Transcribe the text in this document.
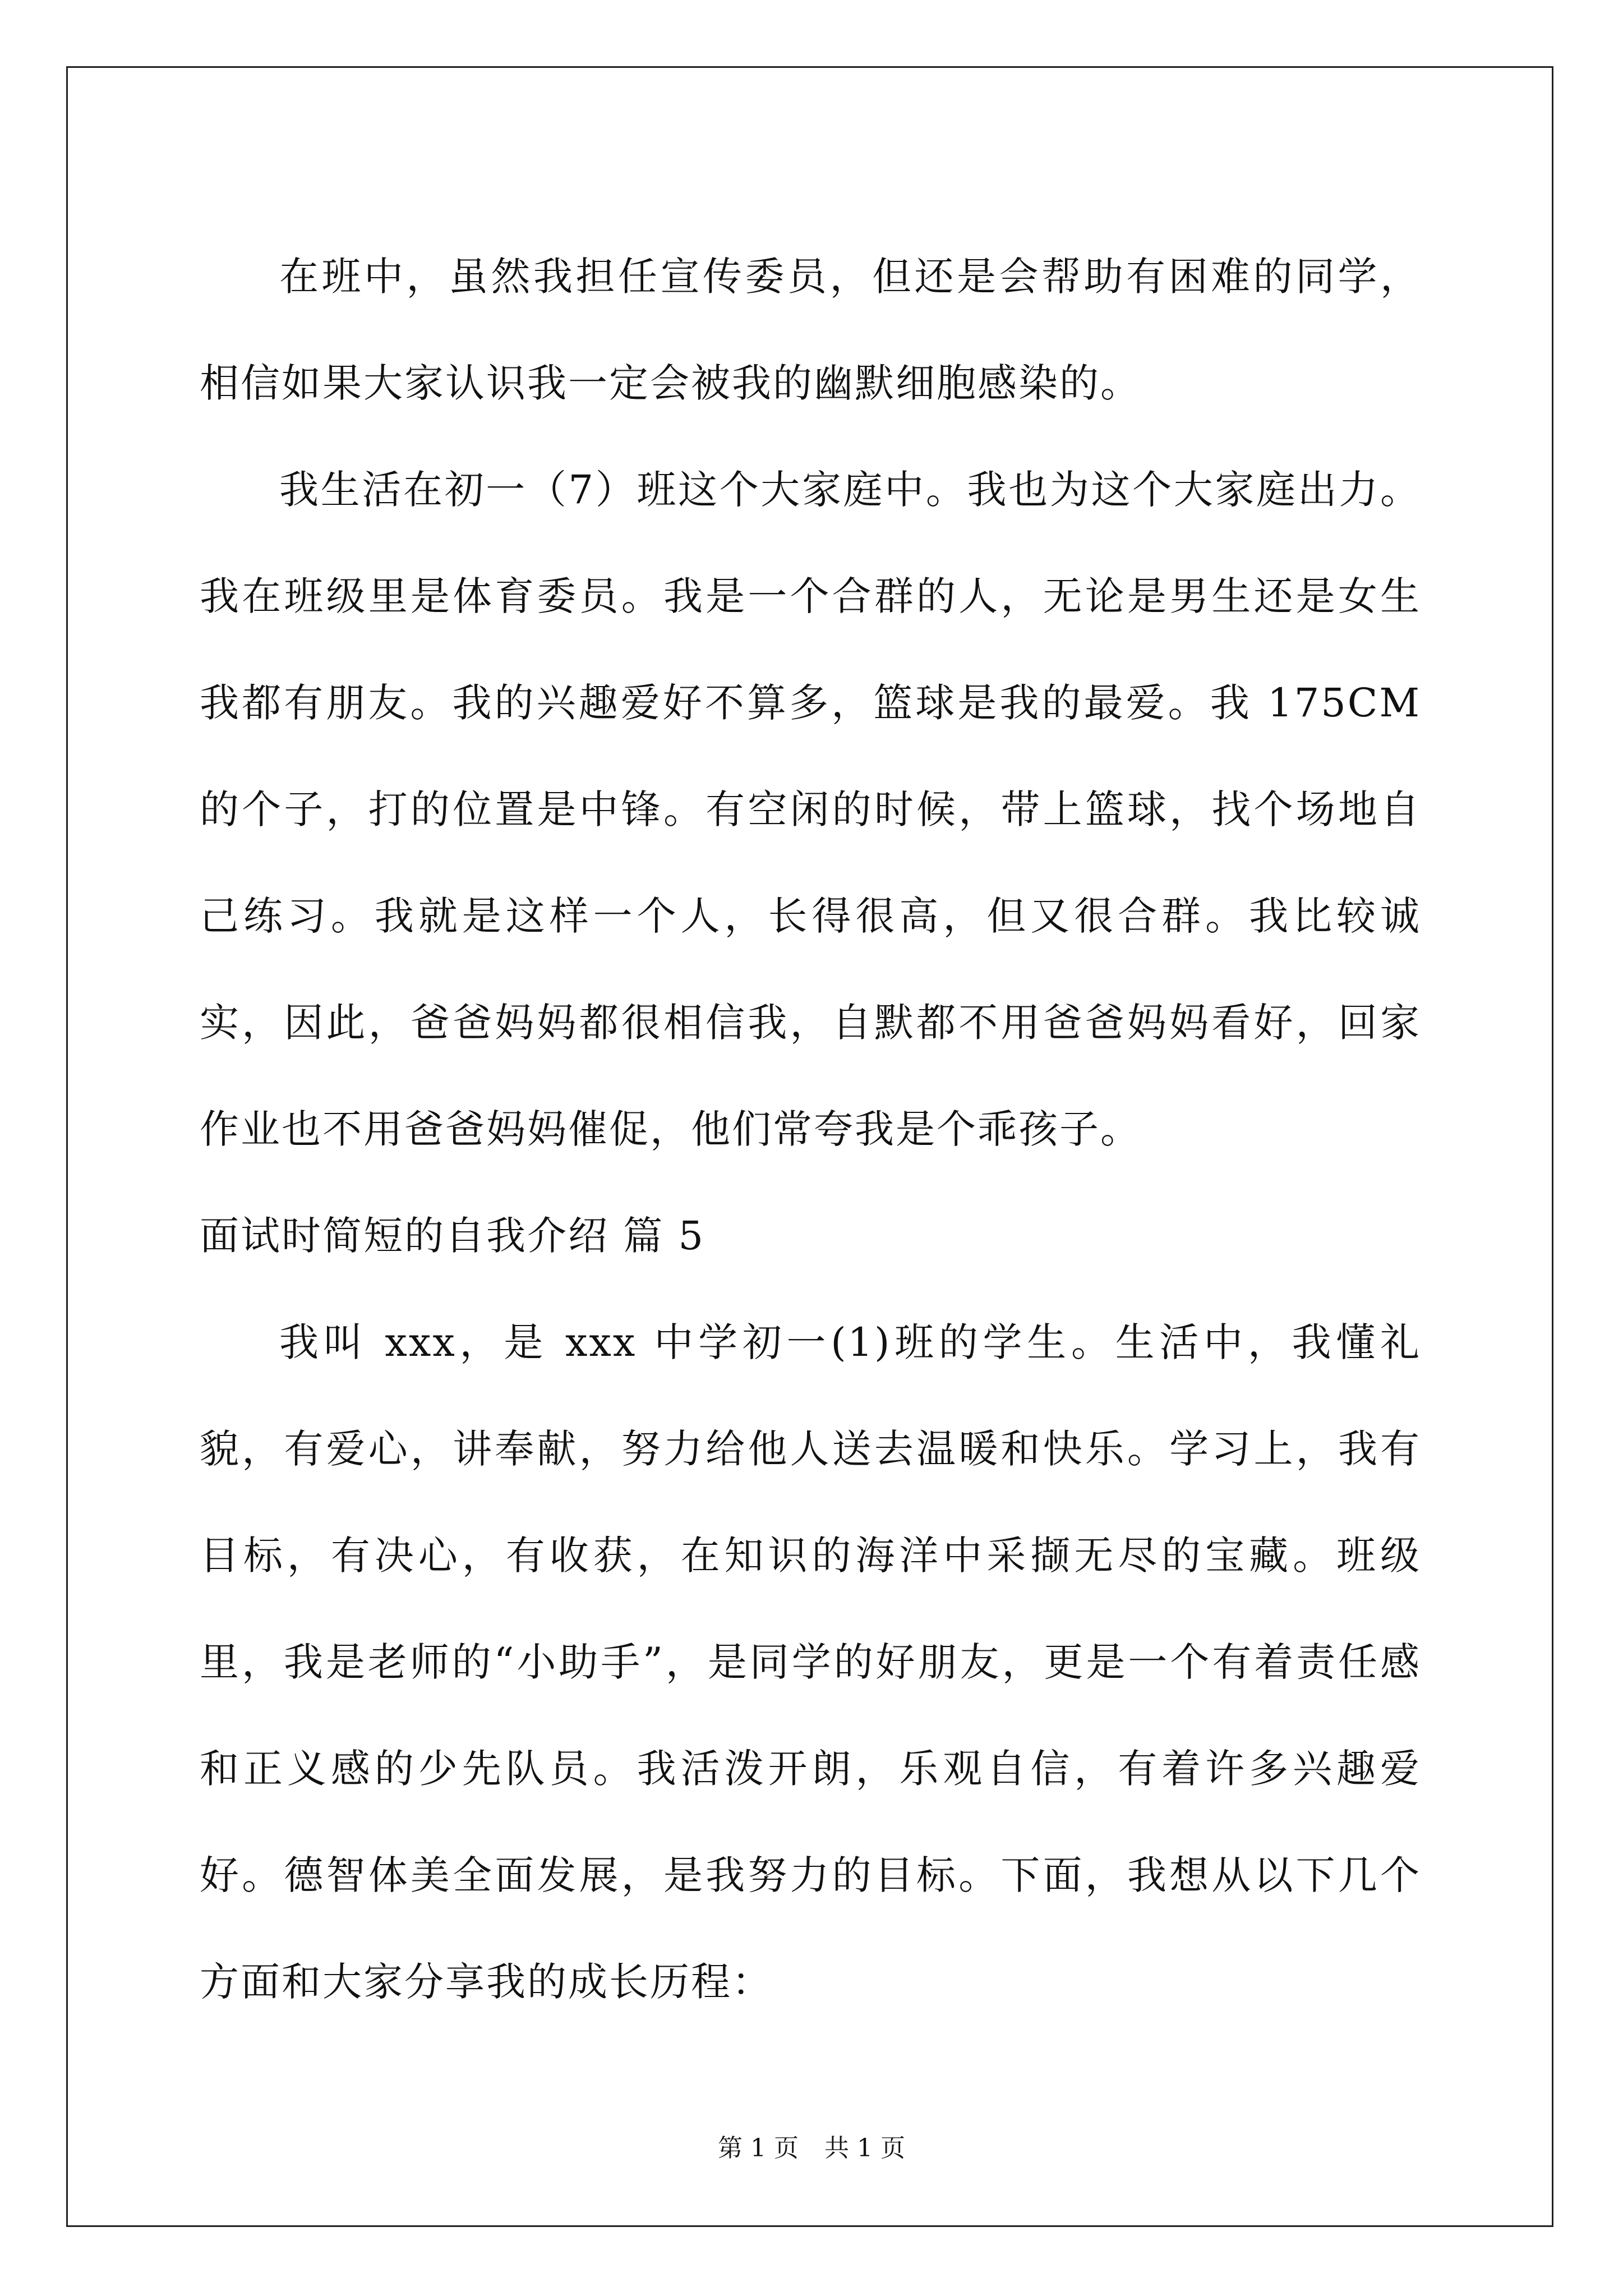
在班中，虽然我担任宣传委员，但还是会帮助有困难的同学，相信如果大家认识我一定会被我的幽默细胞感染的。

我生活在初一（7）班这个大家庭中。我也为这个大家庭出力。我在班级里是体育委员。我是一个合群的人，无论是男生还是女生我都有朋友。我的兴趣爱好不算多，篮球是我的最爱。我 175CM 的个子，打的位置是中锋。有空闲的时候，带上篮球，找个场地自己练习。我就是这样一个人，长得很高，但又很合群。我比较诚实，因此，爸爸妈妈都很相信我，自默都不用爸爸妈妈看好，回家作业也不用爸爸妈妈催促，他们常夸我是个乖孩子。

面试时简短的自我介绍 篇 5

我叫 xxx，是 xxx 中学初一(1)班的学生。生活中，我懂礼貌，有爱心，讲奉献，努力给他人送去温暖和快乐。学习上，我有目标，有决心，有收获，在知识的海洋中采撷无尽的宝藏。班级里，我是老师的“小助手”，是同学的好朋友，更是一个有着责任感和正义感的少先队员。我活泼开朗，乐观自信，有着许多兴趣爱好。德智体美全面发展，是我努力的目标。下面，我想从以下几个方面和大家分享我的成长历程：

第 1 页 共 1 页
